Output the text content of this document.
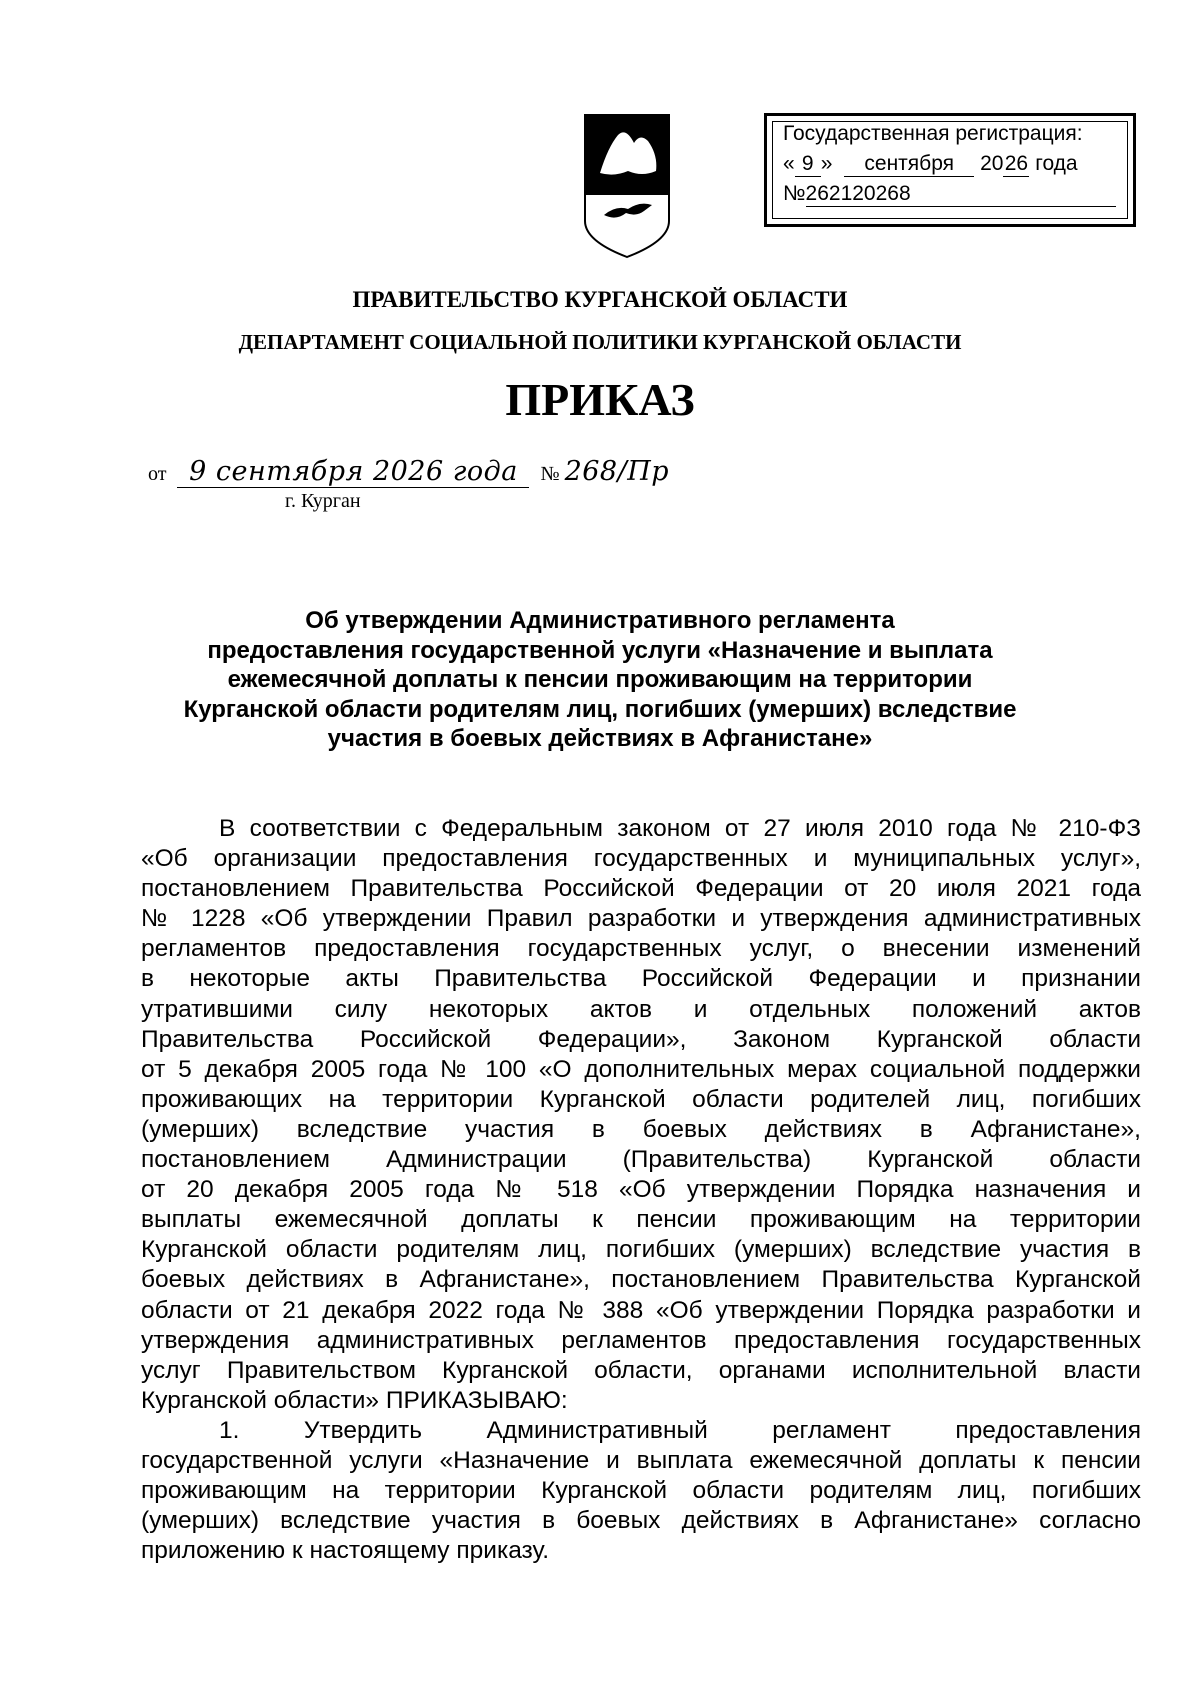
Государственная регистрация:
« 9 » сентября 2026 года
№262120268
ПРАВИТЕЛЬСТВО КУРГАНСКОЙ ОБЛАСТИ
ДЕПАРТАМЕНТ СОЦИАЛЬНОЙ ПОЛИТИКИ КУРГАНСКОЙ ОБЛАСТИ
ПРИКАЗ
от 9 сентября 2026 года № 268/Пр
г. Курган
Об утверждении Административного регламента
предоставления государственной услуги «Назначение и выплата
ежемесячной доплаты к пенсии проживающим на территории
Курганской области родителям лиц, погибших (умерших) вследствие
участия в боевых действиях в Афганистане»
В соответствии с Федеральным законом от 27 июля 2010 года № 210-ФЗ
«Об организации предоставления государственных и муниципальных услуг»,
постановлением Правительства Российской Федерации от 20 июля 2021 года
№ 1228 «Об утверждении Правил разработки и утверждения административных
регламентов предоставления государственных услуг, о внесении изменений
в некоторые акты Правительства Российской Федерации и признании
утратившими силу некоторых актов и отдельных положений актов
Правительства Российской Федерации», Законом Курганской области
от 5 декабря 2005 года № 100 «О дополнительных мерах социальной поддержки
проживающих на территории Курганской области родителей лиц, погибших
(умерших) вследствие участия в боевых действиях в Афганистане»,
постановлением Администрации (Правительства) Курганской области
от 20 декабря 2005 года № 518 «Об утверждении Порядка назначения и
выплаты ежемесячной доплаты к пенсии проживающим на территории
Курганской области родителям лиц, погибших (умерших) вследствие участия в
боевых действиях в Афганистане», постановлением Правительства Курганской
области от 21 декабря 2022 года № 388 «Об утверждении Порядка разработки и
утверждения административных регламентов предоставления государственных
услуг Правительством Курганской области, органами исполнительной власти
Курганской области» ПРИКАЗЫВАЮ:
1. Утвердить Административный регламент предоставления
государственной услуги «Назначение и выплата ежемесячной доплаты к пенсии
проживающим на территории Курганской области родителям лиц, погибших
(умерших) вследствие участия в боевых действиях в Афганистане» согласно
приложению к настоящему приказу.
